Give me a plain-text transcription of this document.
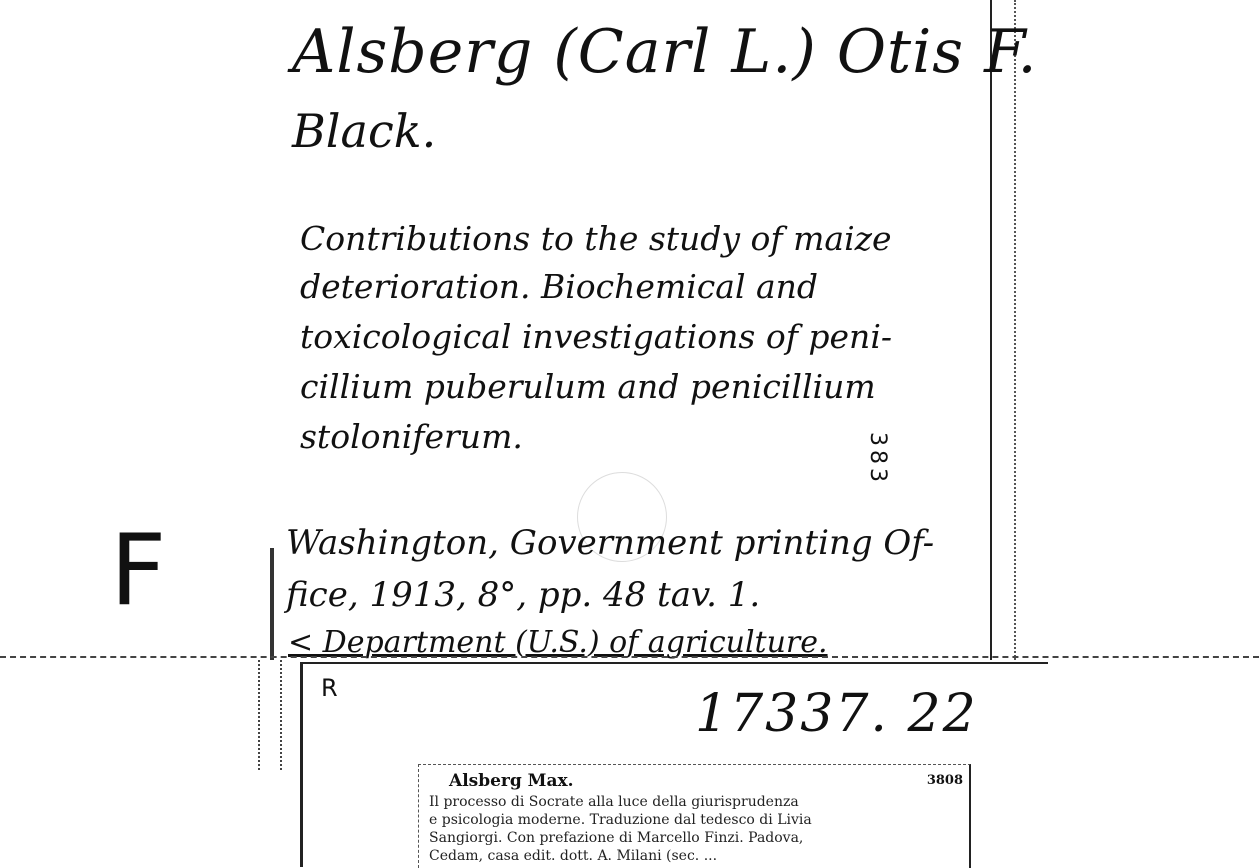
F
Alsberg (Carl L.) Otis F.
Black.
Contributions to the study of maize
deterioration. Biochemical and
toxicological investigations of peni-
cillium puberulum and penicillium
stoloniferum.	383
Washington, Government printing Of-
fice, 1913, 8°, pp. 48 tav. 1.
< Department (U.S.) of agriculture.
R	17337. 22
Alsberg Max.	3808
Il processo di Socrate alla luce della giurisprudenza
e psicologia moderne. Traduzione dal tedesco di Livia
Sangiorgi. Con prefazione di Marcello Finzi. Padova,
Cedam, casa edit. dott. A. Milani (sec. ...
